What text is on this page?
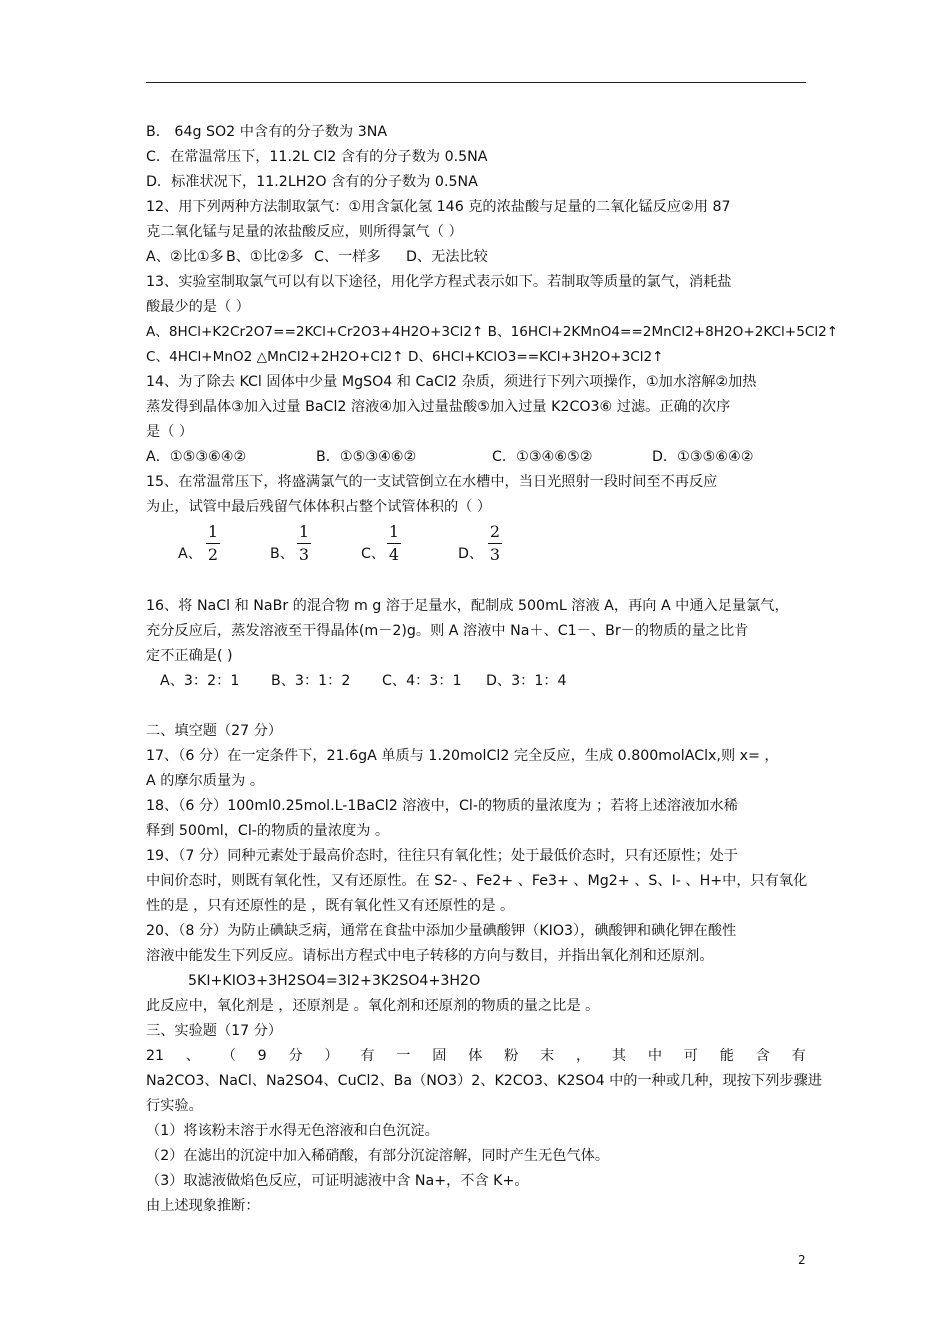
B． 64g SO2 中含有的分子数为 3NA
C．在常温常压下，11.2L Cl2 含有的分子数为 0.5NA
D．标准状况下，11.2LH2O 含有的分子数为 0.5NA
12、用下列两种方法制取氯气：①用含氯化氢 146 克的浓盐酸与足量的二氧化锰反应②用 87
克二氧化锰与足量的浓盐酸反应，则所得氯气（ ）
A、②比①多 B、①比②多 C、一样多	D、无法比较
13、实验室制取氯气可以有以下途径，用化学方程式表示如下。若制取等质量的氯气，消耗盐
酸最少的是（ ）
A、8HCl+K2Cr2O7==2KCl+Cr2O3+4H2O+3Cl2↑ B、16HCl+2KMnO4==2MnCl2+8H2O+2KCl+5Cl2↑
C、4HCl+MnO2 △MnCl2+2H2O+Cl2↑ D、6HCl+KClO3==KCl+3H2O+3Cl2↑
14、为了除去 KCl 固体中少量 MgSO4 和 CaCl2 杂质，须进行下列六项操作，①加水溶解②加热
蒸发得到晶体③加入过量 BaCl2 溶液④加入过量盐酸⑤加入过量 K2CO3⑥ 过滤。正确的次序
是（ ）
A．①⑤③⑥④②	B．①⑤③④⑥②	C．①③④⑥⑤②	D．①③⑤⑥④②
15、在常温常压下，将盛满氯气的一支试管倒立在水槽中，当日光照射一段时间至不再反应
为止，试管中最后残留气体体积占整个试管体积的（ ）
A、
1
2	B、
1
3	C、
1
4	D、
2
3
16、将 NaCl 和 NaBr 的混合物 m g 溶于足量水，配制成 500mL 溶液 A，再向 A 中通入足量氯气，
充分反应后，蒸发溶液至干得晶体(m－2)g。则 A 溶液中 Na＋、C1－、Br－的物质的量之比肯
定不正确是( )
A、3：2：1	B、3：1：2	C、4：3：1	D、3：1：4
二、填空题（27 分）
17、（6 分）在一定条件下，21.6gA 单质与 1.20molCl2 完全反应，生成 0.800molAClx,则 x= ，
A 的摩尔质量为 。
18、（6 分）100ml0.25mol.L-1BaCl2 溶液中，Cl-的物质的量浓度为 ；若将上述溶液加水稀
释到 500ml，Cl-的物质的量浓度为 。
19、（7 分）同种元素处于最高价态时，往往只有氧化性；处于最低价态时，只有还原性；处于
中间价态时，则既有氧化性，又有还原性。在 S2- 、Fe2+ 、Fe3+ 、Mg2+ 、S、I- 、H+中，只有氧化
性的是 ，只有还原性的是 ，既有氧化性又有还原性的是 。
20、（8 分）为防止碘缺乏病，通常在食盐中添加少量碘酸钾（KIO3），碘酸钾和碘化钾在酸性
溶液中能发生下列反应。请标出方程式中电子转移的方向与数目，并指出氧化剂和还原剂。
5KI+KIO3+3H2SO4=3I2+3K2SO4+3H2O
此反应中，氧化剂是 ，还原剂是 。氧化剂和还原剂的物质的量之比是 。
三、实验题（17 分）
21 、 （ 9 分 ） 有 一 固 体 粉 末 ， 其 中 可 能 含 有
Na2CO3、NaCl、Na2SO4、CuCl2、Ba（NO3）2、K2CO3、K2SO4 中的一种或几种，现按下列步骤进
行实验。
（1）将该粉末溶于水得无色溶液和白色沉淀。
（2）在滤出的沉淀中加入稀硝酸，有部分沉淀溶解，同时产生无色气体。
（3）取滤液做焰色反应，可证明滤液中含 Na+，不含 K+。
由上述现象推断：
2
